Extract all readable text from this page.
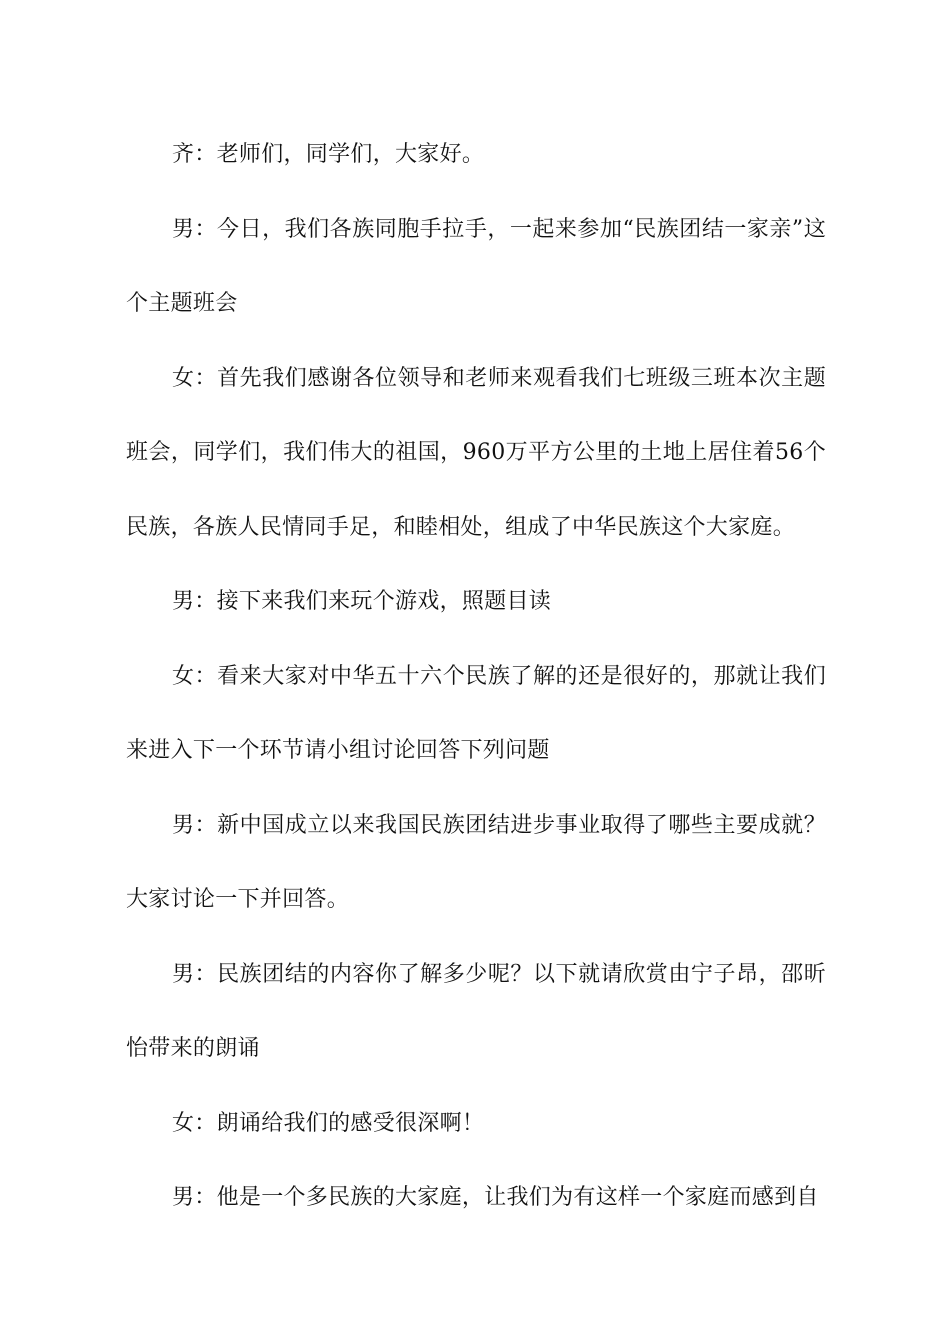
齐：老师们，同学们，大家好。

男：今日，我们各族同胞手拉手，一起来参加“民族团结一家亲”这个主题班会

女：首先我们感谢各位领导和老师来观看我们七班级三班本次主题班会，同学们，我们伟大的祖国，960万平方公里的土地上居住着56个民族，各族人民情同手足，和睦相处，组成了中华民族这个大家庭。

男：接下来我们来玩个游戏，照题目读

女：看来大家对中华五十六个民族了解的还是很好的，那就让我们来进入下一个环节请小组讨论回答下列问题

男：新中国成立以来我国民族团结进步事业取得了哪些主要成就？大家讨论一下并回答。

男：民族团结的内容你了解多少呢？以下就请欣赏由宁子昂，邵昕怡带来的朗诵

女：朗诵给我们的感受很深啊！

男：他是一个多民族的大家庭，让我们为有这样一个家庭而感到自
